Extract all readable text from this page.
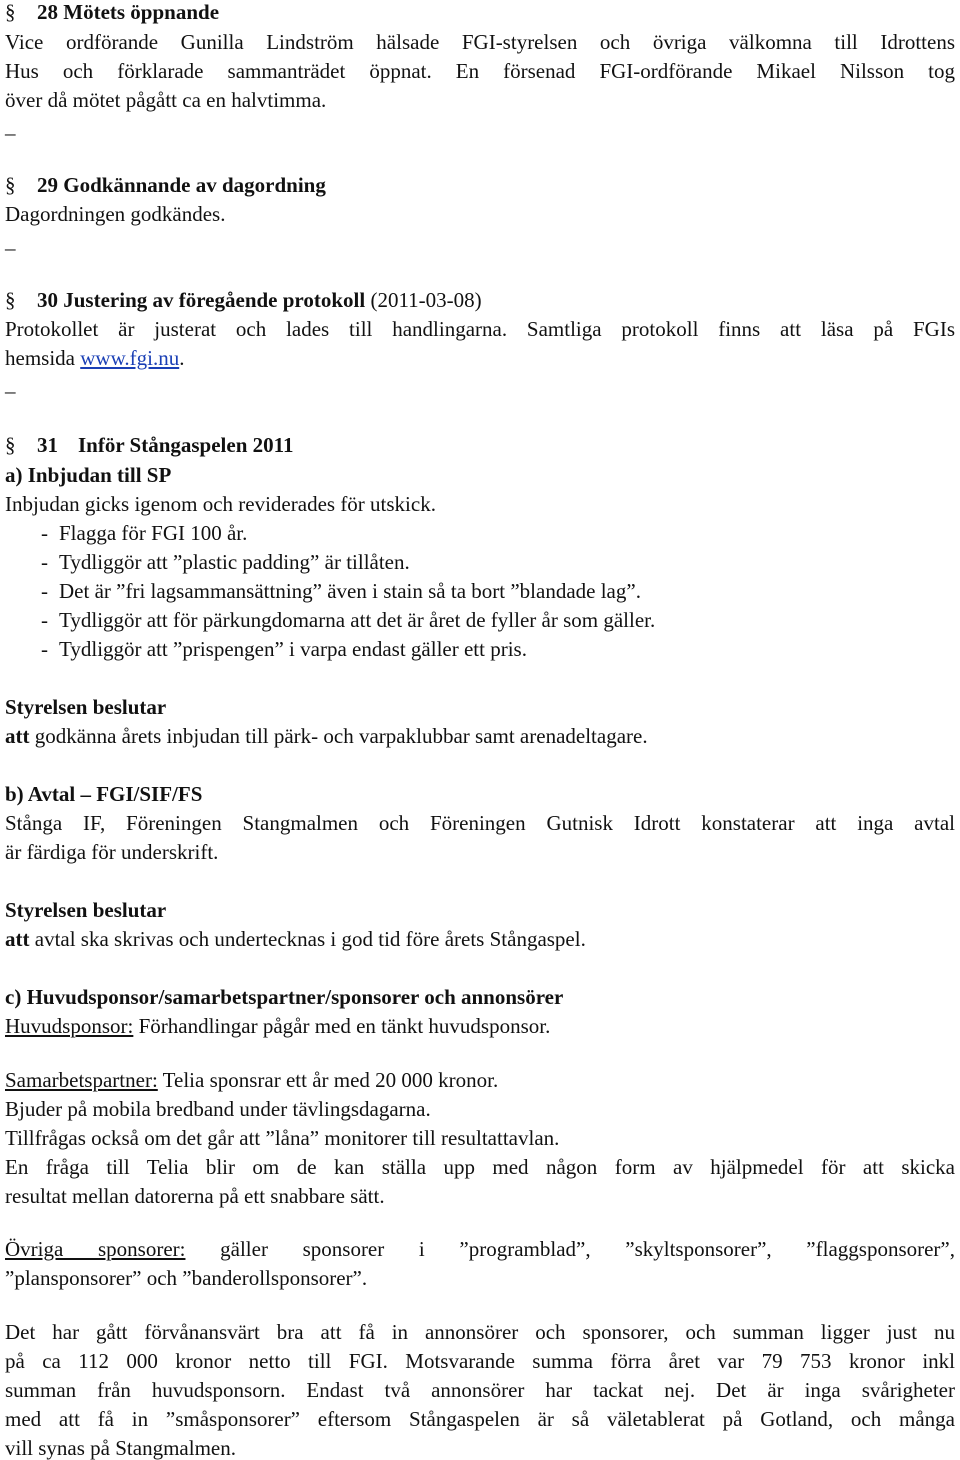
§ 28 Mötets öppnande
Vice ordförande Gunilla Lindström hälsade FGI-styrelsen och övriga välkomna till Idrottens
Hus och förklarade sammanträdet öppnat. En försenad FGI-ordförande Mikael Nilsson tog
över då mötet pågått ca en halvtimma.
_
§ 29 Godkännande av dagordning
Dagordningen godkändes.
_
§ 30 Justering av föregående protokoll (2011-03-08)
Protokollet är justerat och lades till handlingarna. Samtliga protokoll finns att läsa på FGIs
hemsida www.fgi.nu.
_
§ 31 Inför Stångaspelen 2011
a) Inbjudan till SP
Inbjudan gicks igenom och reviderades för utskick.
- Flagga för FGI 100 år.
- Tydliggör att ”plastic padding” är tillåten.
- Det är ”fri lagsammansättning” även i stain så ta bort ”blandade lag”.
- Tydliggör att för pärkungdomarna att det är året de fyller år som gäller.
- Tydliggör att ”prispengen” i varpa endast gäller ett pris.
Styrelsen beslutar
att godkänna årets inbjudan till pärk- och varpaklubbar samt arenadeltagare.
b) Avtal – FGI/SIF/FS
Stånga IF, Föreningen Stangmalmen och Föreningen Gutnisk Idrott konstaterar att inga avtal
är färdiga för underskrift.
Styrelsen beslutar
att avtal ska skrivas och undertecknas i god tid före årets Stångaspel.
c) Huvudsponsor/samarbetspartner/sponsorer och annonsörer
Huvudsponsor: Förhandlingar pågår med en tänkt huvudsponsor.
Samarbetspartner: Telia sponsrar ett år med 20 000 kronor.
Bjuder på mobila bredband under tävlingsdagarna.
Tillfrågas också om det går att ”låna” monitorer till resultattavlan.
En fråga till Telia blir om de kan ställa upp med någon form av hjälpmedel för att skicka
resultat mellan datorerna på ett snabbare sätt.
Övriga sponsorer: gäller sponsorer i ”programblad”, ”skyltsponsorer”, ”flaggsponsorer”,
”plansponsorer” och ”banderollsponsorer”.
Det har gått förvånansvärt bra att få in annonsörer och sponsorer, och summan ligger just nu
på ca 112 000 kronor netto till FGI. Motsvarande summa förra året var 79 753 kronor inkl
summan från huvudsponsorn. Endast två annonsörer har tackat nej. Det är inga svårigheter
med att få in ”småsponsorer” eftersom Stångaspelen är så väletablerat på Gotland, och många
vill synas på Stangmalmen.
